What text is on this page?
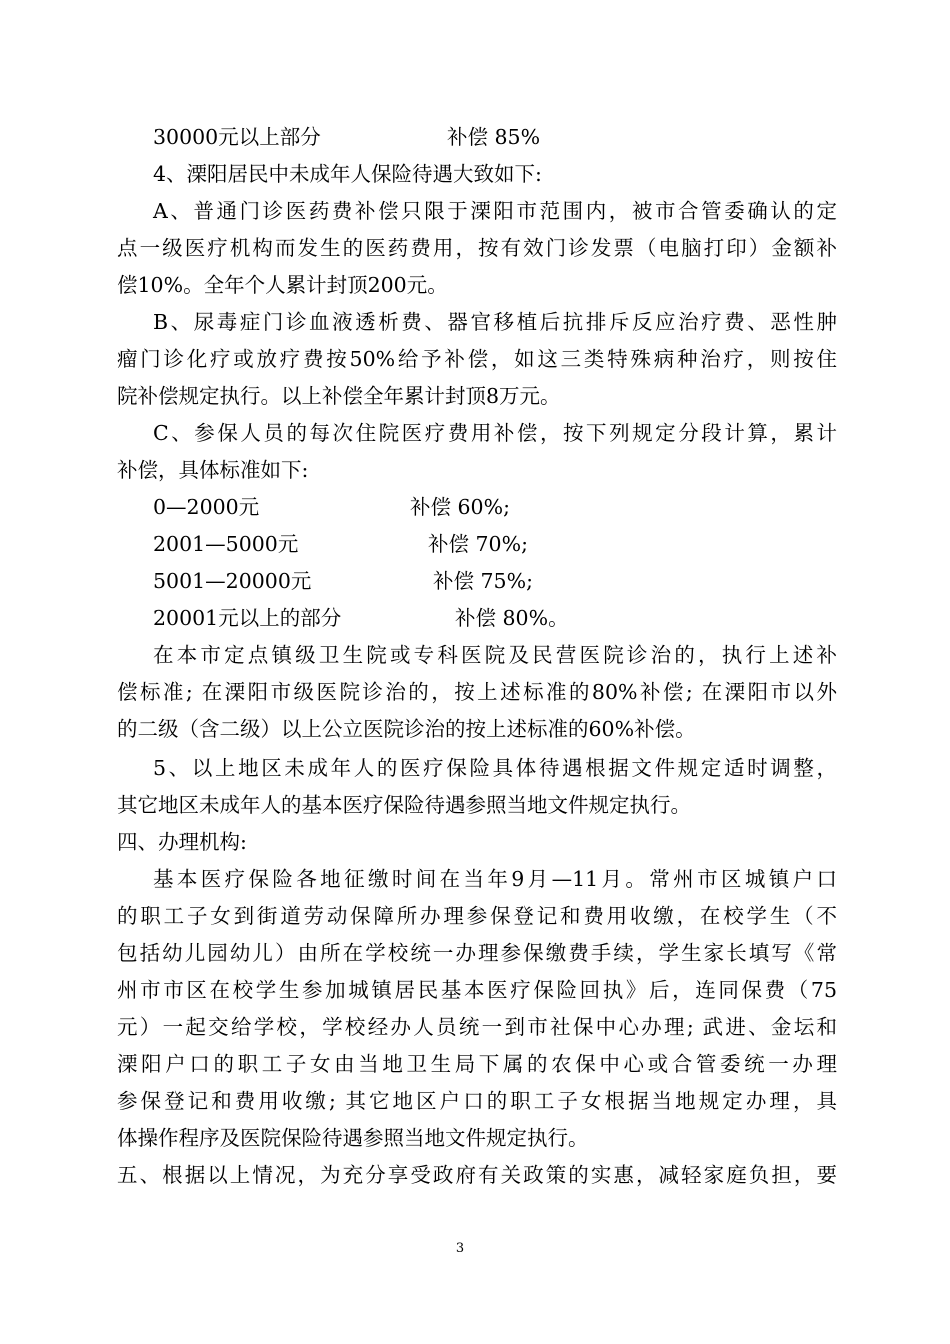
30000元以上部分	补偿 85%
4、溧阳居民中未成年人保险待遇大致如下:
A、普通门诊医药费补偿只限于溧阳市范围内，被市合管委确认的定
点一级医疗机构而发生的医药费用，按有效门诊发票（电脑打印）金额补
偿10%。全年个人累计封顶200元。
B、尿毒症门诊血液透析费、器官移植后抗排斥反应治疗费、恶性肿
瘤门诊化疗或放疗费按50%给予补偿，如这三类特殊病种治疗，则按住
院补偿规定执行。以上补偿全年累计封顶8万元。
C、参保人员的每次住院医疗费用补偿，按下列规定分段计算，累计
补偿，具体标准如下:
0—2000元	补偿 60%;
2001—5000元	补偿 70%;
5001—20000元	补偿 75%;
20001元以上的部分	补偿 80%。
在本市定点镇级卫生院或专科医院及民营医院诊治的，执行上述补
偿标准; 在溧阳市级医院诊治的，按上述标准的80%补偿; 在溧阳市以外
的二级（含二级）以上公立医院诊治的按上述标准的60%补偿。
5、以上地区未成年人的医疗保险具体待遇根据文件规定适时调整，
其它地区未成年人的基本医疗保险待遇参照当地文件规定执行。
四、办理机构:
基本医疗保险各地征缴时间在当年9月—11月。常州市区城镇户口
的职工子女到街道劳动保障所办理参保登记和费用收缴，在校学生（不
包括幼儿园幼儿）由所在学校统一办理参保缴费手续，学生家长填写《常
州市市区在校学生参加城镇居民基本医疗保险回执》后，连同保费（75
元）一起交给学校，学校经办人员统一到市社保中心办理; 武进、金坛和
溧阳户口的职工子女由当地卫生局下属的农保中心或合管委统一办理
参保登记和费用收缴; 其它地区户口的职工子女根据当地规定办理，具
体操作程序及医院保险待遇参照当地文件规定执行。
五、根据以上情况，为充分享受政府有关政策的实惠，减轻家庭负担，要
3
